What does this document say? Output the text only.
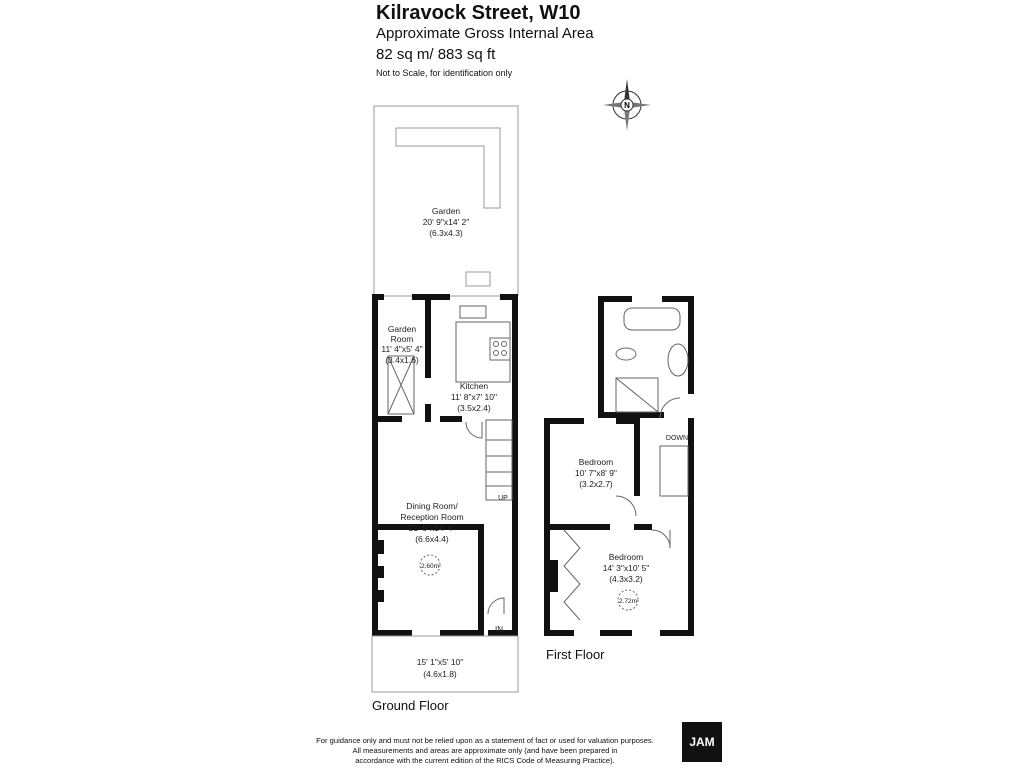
Kilravock Street, W10
Approximate Gross Internal Area
82 sq m/ 883 sq ft
Not to Scale, for identification only
N
Garden
20' 9"x14' 2"
(6.3x4.3)
Garden
Room
11' 4"x5' 4"
(3.4x1.6)
Kitchen
11' 8"x7' 10"
(3.5x2.4)
Dining Room/
Reception Room
21' 6"x14' 4"
(6.6x4.4)
2.60m
15' 1"x5' 10"
(4.6x1.8)
Bedroom
10' 7"x8' 9"
(3.2x2.7)
Bedroom
14' 3"x10' 5"
(4.3x3.2)
2.72m
UP
DOWN
IN
Ground Floor
First Floor
For guidance only and must not be relied upon as a statement of fact or used for valuation purposes.
All measurements and areas are approximate only (and have been prepared in
accordance with the current edition of the RICS Code of Measuring Practice).
JAM
